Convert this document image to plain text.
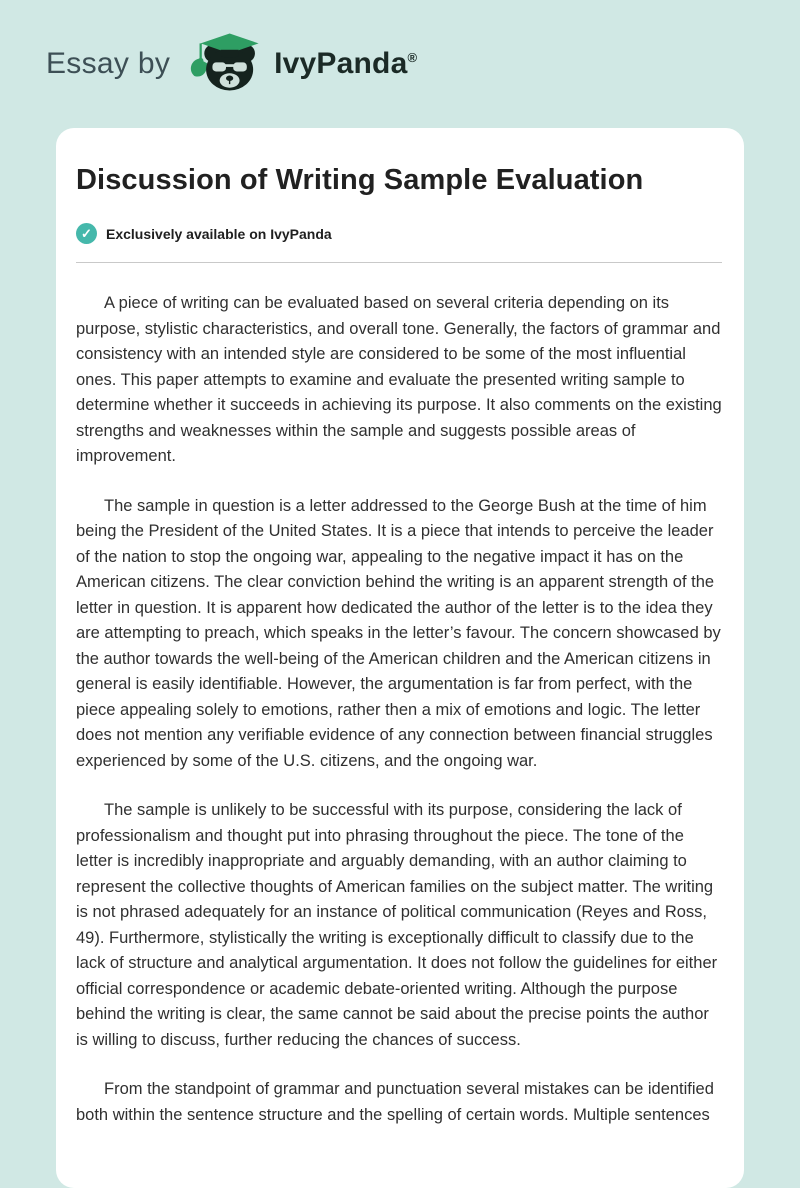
Essay by	IvyPanda®
Discussion of Writing Sample Evaluation
✓	Exclusively available on IvyPanda

A piece of writing can be evaluated based on several criteria depending on its purpose, stylistic characteristics, and overall tone. Generally, the factors of grammar and consistency with an intended style are considered to be some of the most influential ones. This paper attempts to examine and evaluate the presented writing sample to determine whether it succeeds in achieving its purpose. It also comments on the existing strengths and weaknesses within the sample and suggests possible areas of improvement.

The sample in question is a letter addressed to the George Bush at the time of him being the President of the United States. It is a piece that intends to perceive the leader of the nation to stop the ongoing war, appealing to the negative impact it has on the American citizens. The clear conviction behind the writing is an apparent strength of the letter in question. It is apparent how dedicated the author of the letter is to the idea they are attempting to preach, which speaks in the letter’s favour. The concern showcased by the author towards the well-being of the American children and the American citizens in general is easily identifiable. However, the argumentation is far from perfect, with the piece appealing solely to emotions, rather then a mix of emotions and logic. The letter does not mention any verifiable evidence of any connection between financial struggles experienced by some of the U.S. citizens, and the ongoing war.

The sample is unlikely to be successful with its purpose, considering the lack of professionalism and thought put into phrasing throughout the piece. The tone of the letter is incredibly inappropriate and arguably demanding, with an author claiming to represent the collective thoughts of American families on the subject matter. The writing is not phrased adequately for an instance of political communication (Reyes and Ross, 49). Furthermore, stylistically the writing is exceptionally difficult to classify due to the lack of structure and analytical argumentation. It does not follow the guidelines for either official correspondence or academic debate-oriented writing. Although the purpose behind the writing is clear, the same cannot be said about the precise points the author is willing to discuss, further reducing the chances of success.

From the standpoint of grammar and punctuation several mistakes can be identified both within the sentence structure and the spelling of certain words. Multiple sentences
